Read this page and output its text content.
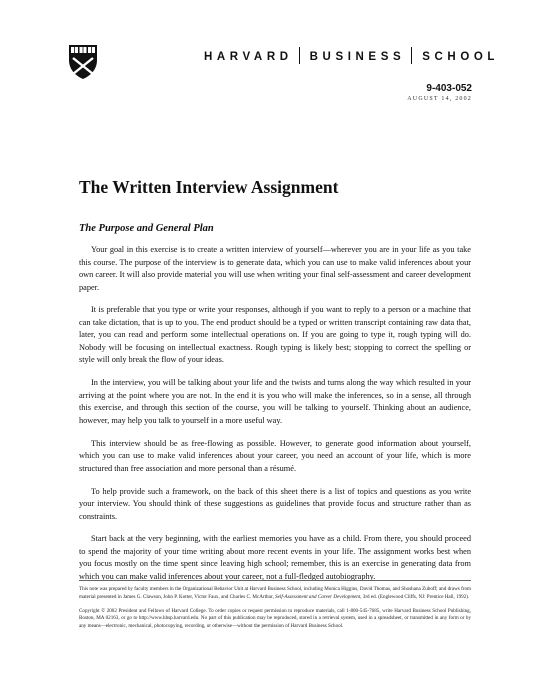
HARVARD BUSINESS SCHOOL
9-403-052
AUGUST 14, 2002
The Written Interview Assignment
The Purpose and General Plan

Your goal in this exercise is to create a written interview of yourself—wherever you are in your life as you take this course. The purpose of the interview is to generate data, which you can use to make valid inferences about your own career. It will also provide material you will use when writing your final self-assessment and career development paper.

It is preferable that you type or write your responses, although if you want to reply to a person or a machine that can take dictation, that is up to you. The end product should be a typed or written transcript containing raw data that, later, you can read and perform some intellectual operations on. If you are going to type it, rough typing will do. Nobody will be focusing on intellectual exactness. Rough typing is likely best; stopping to correct the spelling or style will only break the flow of your ideas.

In the interview, you will be talking about your life and the twists and turns along the way which resulted in your arriving at the point where you are not. In the end it is you who will make the inferences, so in a sense, all through this exercise, and through this section of the course, you will be talking to yourself. Thinking about an audience, however, may help you talk to yourself in a more useful way.

This interview should be as free-flowing as possible. However, to generate good information about yourself, which you can use to make valid inferences about your career, you need an account of your life, which is more structured than free association and more personal than a résumé.

To help provide such a framework, on the back of this sheet there is a list of topics and questions as you write your interview. You should think of these suggestions as guidelines that provide focus and structure rather than as constraints.

Start back at the very beginning, with the earliest memories you have as a child. From there, you should proceed to spend the majority of your time writing about more recent events in your life. The assignment works best when you focus mostly on the time spent since leaving high school; remember, this is an exercise in generating data from which you can make valid inferences about your career, not a full-fledged autobiography.

This note was prepared by faculty members in the Organizational Behavior Unit at Harvard Business School, including Monica Higgins, David Thomas, and Shoshana Zuboff; and draws from material presented in James G. Clawson, John P. Kotter, Victor Faux, and Charles C. McArthur, Self-Assessment and Career Development, 3rd ed. (Englewood Cliffs, NJ: Prentice Hall, 1992).

Copyright © 2002 President and Fellows of Harvard College. To order copies or request permission to reproduce materials, call 1-800-545-7685, write Harvard Business School Publishing, Boston, MA 02163, or go to http://www.hbsp.harvard.edu. No part of this publication may be reproduced, stored in a retrieval system, used in a spreadsheet, or transmitted in any form or by any means—electronic, mechanical, photocopying, recording, or otherwise—without the permission of Harvard Business School.
